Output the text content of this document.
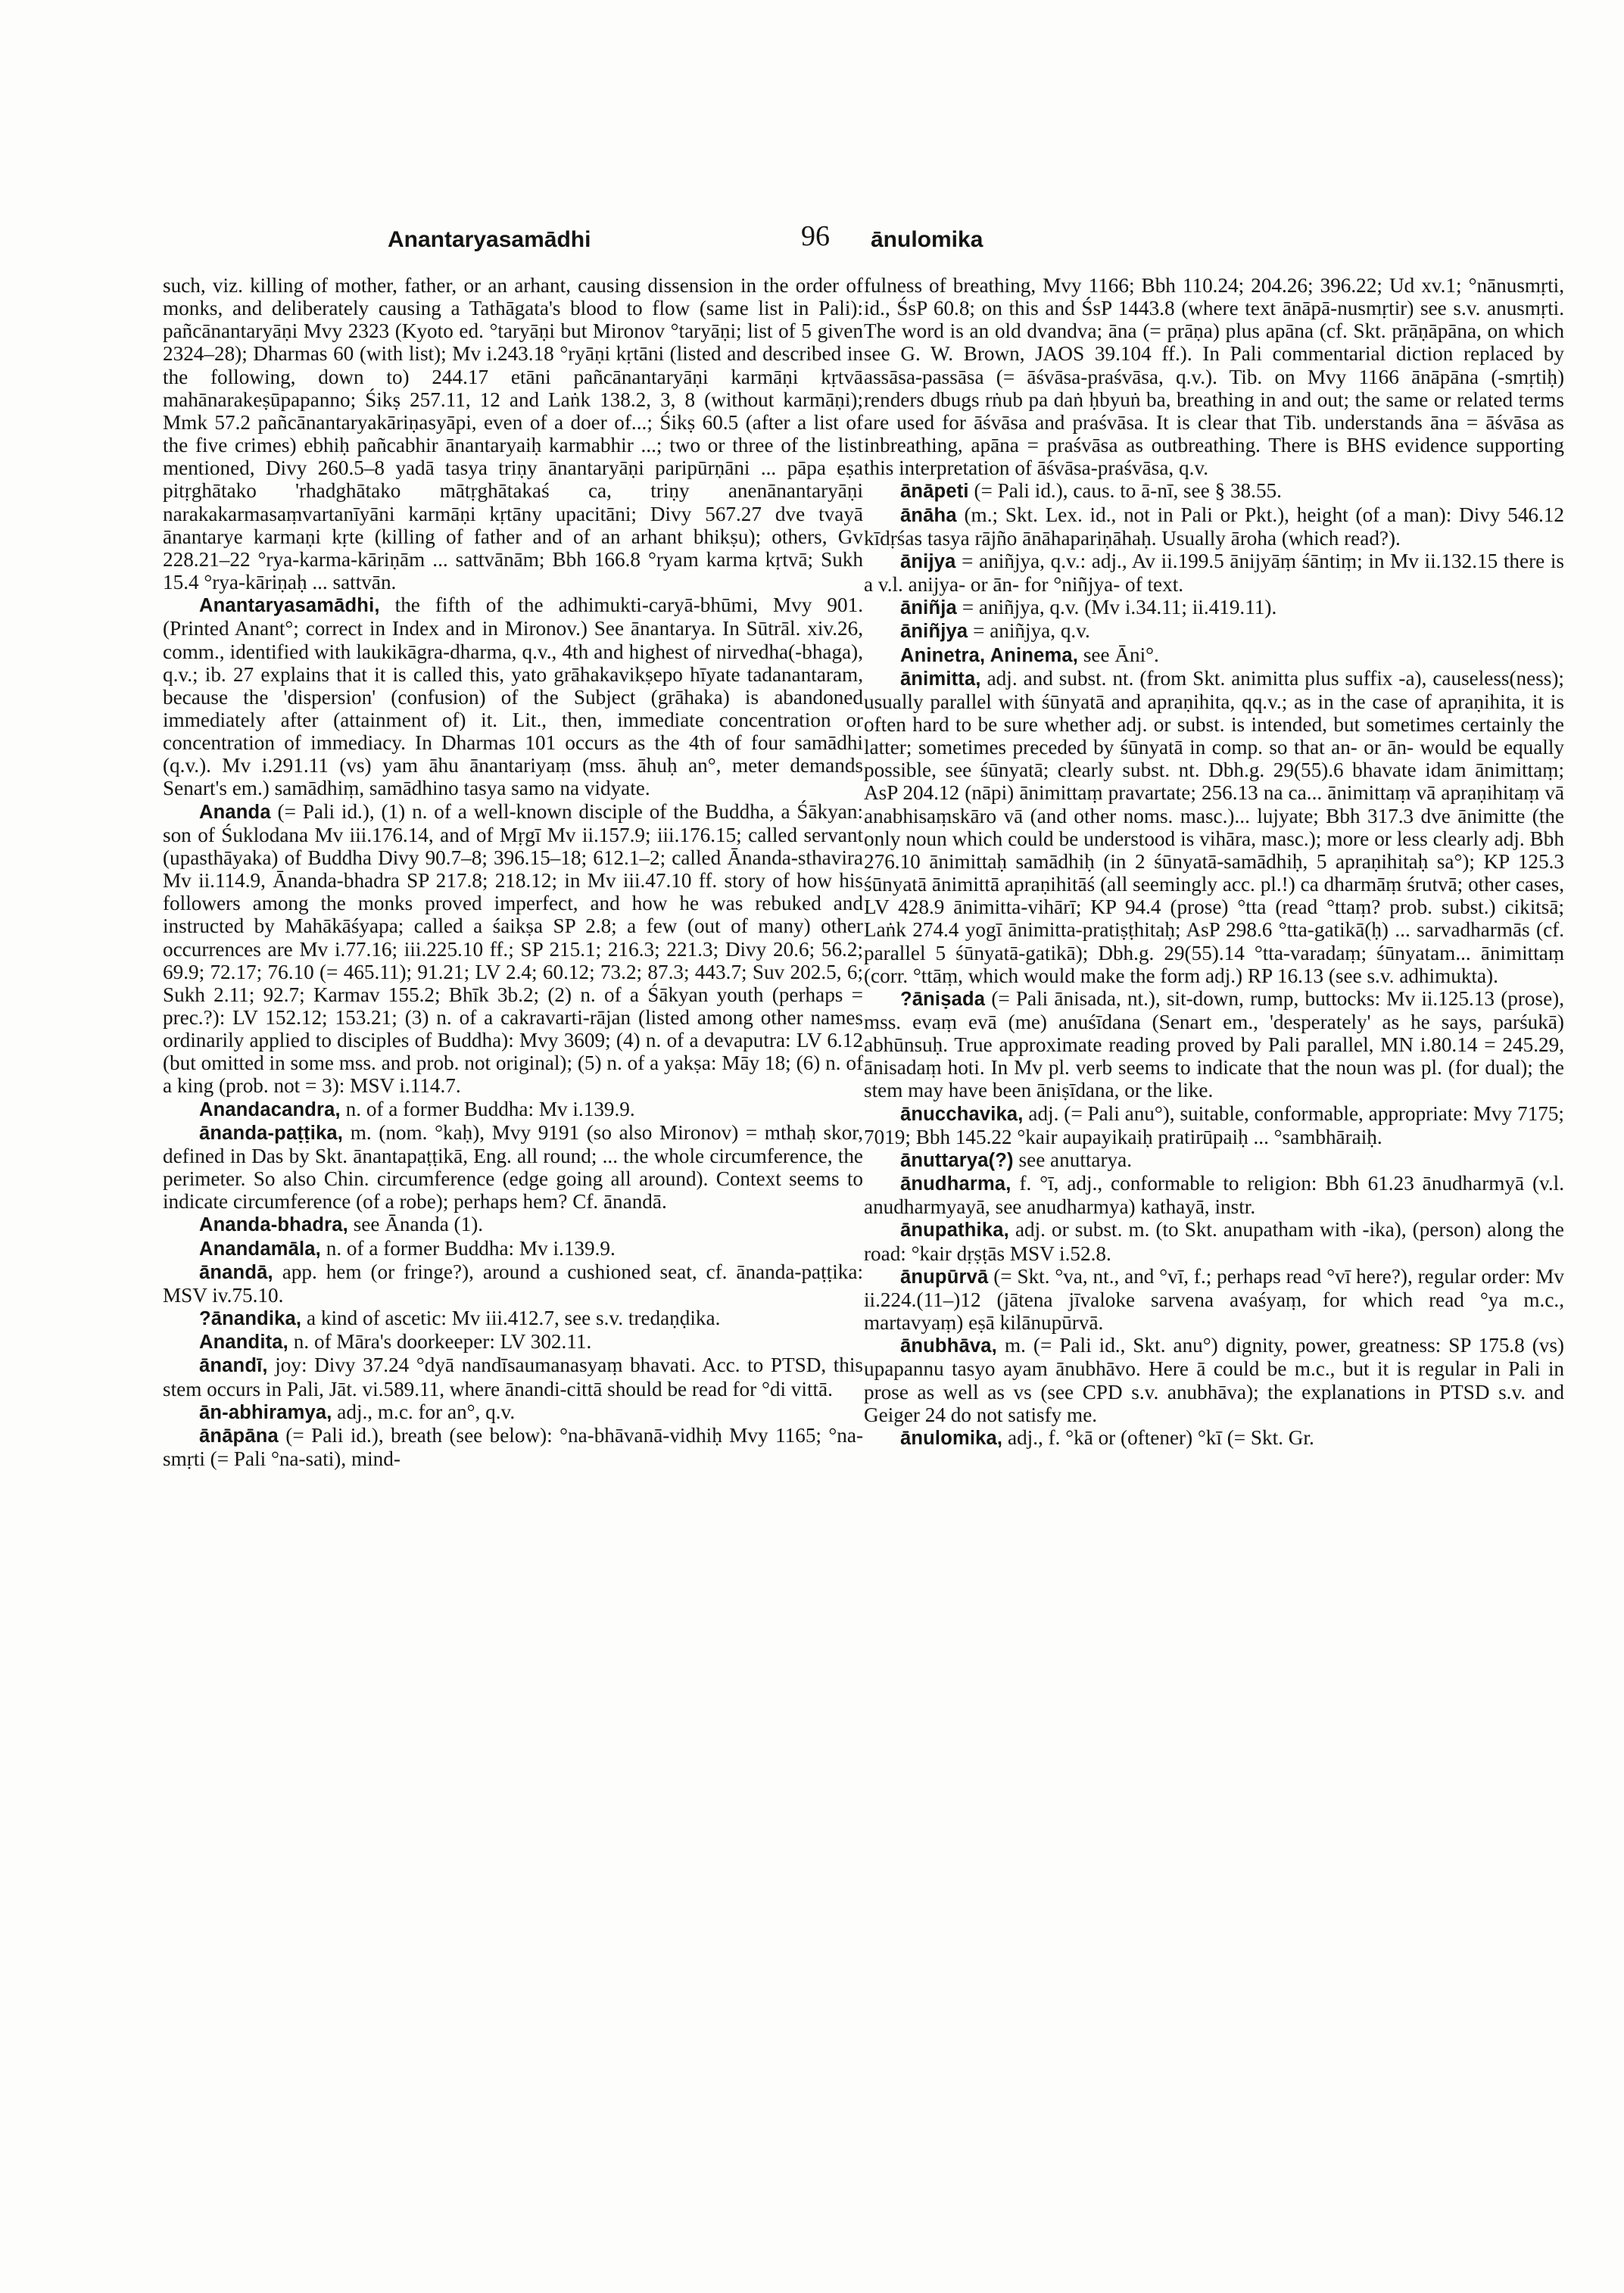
Anantaryasamādhi	96 ānulomika

such, viz. killing of mother, father, or an arhant, causing dissension in the order of monks, and deliberately causing a Tathāgata's blood to flow (same list in Pali): pañcānantaryāṇi Mvy 2323 (Kyoto ed. °taryāṇi but Mironov °taryāṇi; list of 5 given 2324–28); Dharmas 60 (with list); Mv i.243.18 °ryāṇi kṛtāni (listed and described in the following, down to) 244.17 etāni pañcānantaryāṇi karmāṇi kṛtvā mahānarakeṣūpapanno; Śikṣ 257.11, 12 and Laṅk 138.2, 3, 8 (without karmāṇi); Mmk 57.2 pañcānantaryakāriṇasyāpi, even of a doer of...; Śikṣ 60.5 (after a list of the five crimes) ebhiḥ pañcabhir ānantaryaiḥ karmabhir ...; two or three of the list mentioned, Divy 260.5–8 yadā tasya triṇy ānantaryāṇi paripūrṇāni ... pāpa eṣa pitṛghātako 'rhadghātako mātṛghātakaś ca, triṇy anenānantaryāṇi narakakarmasaṃvartanīyāni karmāṇi kṛtāny upacitāni; Divy 567.27 dve tvayā ānantarye karmaṇi kṛte (killing of father and of an arhant bhikṣu); others, Gv 228.21–22 °rya-karma-kāriṇām ... sattvānām; Bbh 166.8 °ryam karma kṛtvā; Sukh 15.4 °rya-kāriṇaḥ ... sattvān.

Anantaryasamādhi, the fifth of the adhimukti-caryā-bhūmi, Mvy 901. (Printed Anant°; correct in Index and in Mironov.) See ānantarya. In Sūtrāl. xiv.26, comm., identified with laukikāgra-dharma, q.v., 4th and highest of nirvedha(-bhaga), q.v.; ib. 27 explains that it is called this, yato grāhakavikṣepo hīyate tadanantaram, because the 'dispersion' (confusion) of the Subject (grāhaka) is abandoned immediately after (attainment of) it. Lit., then, immediate concentration or concentration of immediacy. In Dharmas 101 occurs as the 4th of four samādhi (q.v.). Mv i.291.11 (vs) yam āhu ānantariyaṃ (mss. āhuḥ an°, meter demands Senart's em.) samādhiṃ, samādhino tasya samo na vidyate.

Ananda (= Pali id.), (1) n. of a well-known disciple of the Buddha, a Śākyan: son of Śuklodana Mv iii.176.14, and of Mṛgī Mv ii.157.9; iii.176.15; called servant (upasthāyaka) of Buddha Divy 90.7–8; 396.15–18; 612.1–2; called Ānanda-sthavira Mv ii.114.9, Ānanda-bhadra SP 217.8; 218.12; in Mv iii.47.10 ff. story of how his followers among the monks proved imperfect, and how he was rebuked and instructed by Mahākāśyapa; called a śaikṣa SP 2.8; a few (out of many) other occurrences are Mv i.77.16; iii.225.10 ff.; SP 215.1; 216.3; 221.3; Divy 20.6; 56.2; 69.9; 72.17; 76.10 (= 465.11); 91.21; LV 2.4; 60.12; 73.2; 87.3; 443.7; Suv 202.5, 6; Sukh 2.11; 92.7; Karmav 155.2; Bhīk 3b.2; (2) n. of a Śākyan youth (perhaps = prec.?): LV 152.12; 153.21; (3) n. of a cakravarti-rājan (listed among other names ordinarily applied to disciples of Buddha): Mvy 3609; (4) n. of a devaputra: LV 6.12 (but omitted in some mss. and prob. not original); (5) n. of a yakṣa: Māy 18; (6) n. of a king (prob. not = 3): MSV i.114.7.

Anandacandra, n. of a former Buddha: Mv i.139.9.

ānanda-paṭṭika, m. (nom. °kaḥ), Mvy 9191 (so also Mironov) = mthaḥ skor, defined in Das by Skt. ānantapaṭṭikā, Eng. all round; ... the whole circumference, the perimeter. So also Chin. circumference (edge going all around). Context seems to indicate circumference (of a robe); perhaps hem? Cf. ānandā.

Ananda-bhadra, see Ānanda (1).

Anandamāla, n. of a former Buddha: Mv i.139.9.

ānandā, app. hem (or fringe?), around a cushioned seat, cf. ānanda-paṭṭika: MSV iv.75.10.

?ānandika, a kind of ascetic: Mv iii.412.7, see s.v. tredaṇḍika.

Anandita, n. of Māra's doorkeeper: LV 302.11.

ānandī, joy: Divy 37.24 °dyā nandīsaumanasyaṃ bhavati. Acc. to PTSD, this stem occurs in Pali, Jāt. vi.589.11, where ānandi-cittā should be read for °di vittā.

ān-abhiramya, adj., m.c. for an°, q.v.

ānāpāna (= Pali id.), breath (see below): °na-bhāvanā-vidhiḥ Mvy 1165; °na-smṛti (= Pali °na-sati), mind-

fulness of breathing, Mvy 1166; Bbh 110.24; 204.26; 396.22; Ud xv.1; °nānusmṛti, id., ŚsP 60.8; on this and ŚsP 1443.8 (where text ānāpā-nusmṛtir) see s.v. anusmṛti. The word is an old dvandva; āna (= prāṇa) plus apāna (cf. Skt. prāṇāpāna, on which see G. W. Brown, JAOS 39.104 ff.). In Pali commentarial diction replaced by assāsa-passāsa (= āśvāsa-praśvāsa, q.v.). Tib. on Mvy 1166 ānāpāna (-smṛtiḥ) renders dbugs rṅub pa daṅ ḥbyuṅ ba, breathing in and out; the same or related terms are used for āśvāsa and praśvāsa. It is clear that Tib. understands āna = āśvāsa as inbreathing, apāna = praśvāsa as outbreathing. There is BHS evidence supporting this interpretation of āśvāsa-praśvāsa, q.v.

ānāpeti (= Pali id.), caus. to ā-nī, see § 38.55.

ānāha (m.; Skt. Lex. id., not in Pali or Pkt.), height (of a man): Divy 546.12 kīdṛśas tasya rājño ānāhapariṇāhaḥ. Usually āroha (which read?).

ānijya = aniñjya, q.v.: adj., Av ii.199.5 ānijyāṃ śāntiṃ; in Mv ii.132.15 there is a v.l. anijya- or ān- for °niñjya- of text.

āniñja = aniñjya, q.v. (Mv i.34.11; ii.419.11).

āniñjya = aniñjya, q.v.

Aninetra, Aninema, see Āni°.

ānimitta, adj. and subst. nt. (from Skt. animitta plus suffix -a), causeless(ness); usually parallel with śūnyatā and apraṇihita, qq.v.; as in the case of apraṇihita, it is often hard to be sure whether adj. or subst. is intended, but sometimes certainly the latter; sometimes preceded by śūnyatā in comp. so that an- or ān- would be equally possible, see śūnyatā; clearly subst. nt. Dbh.g. 29(55).6 bhavate idam ānimittaṃ; AsP 204.12 (nāpi) ānimittaṃ pravartate; 256.13 na ca... ānimittaṃ vā apraṇihitaṃ vā anabhisaṃskāro vā (and other noms. masc.)... lujyate; Bbh 317.3 dve ānimitte (the only noun which could be understood is vihāra, masc.); more or less clearly adj. Bbh 276.10 ānimittaḥ samādhiḥ (in 2 śūnyatā-samādhiḥ, 5 apraṇihitaḥ sa°); KP 125.3 śūnyatā ānimittā apraṇihitāś (all seemingly acc. pl.!) ca dharmāṃ śrutvā; other cases, LV 428.9 ānimitta-vihārī; KP 94.4 (prose) °tta (read °ttaṃ? prob. subst.) cikitsā; Laṅk 274.4 yogī ānimitta-pratiṣṭhitaḥ; AsP 298.6 °tta-gatikā(ḥ) ... sarvadharmās (cf. parallel 5 śūnyatā-gatikā); Dbh.g. 29(55).14 °tta-varadaṃ; śūnyatam... ānimittaṃ (corr. °ttāṃ, which would make the form adj.) RP 16.13 (see s.v. adhimukta).

?āniṣada (= Pali ānisada, nt.), sit-down, rump, buttocks: Mv ii.125.13 (prose), mss. evaṃ evā (me) anuśīdana (Senart em., 'desperately' as he says, parśukā) abhūnsuḥ. True approximate reading proved by Pali parallel, MN i.80.14 = 245.29, ānisadaṃ hoti. In Mv pl. verb seems to indicate that the noun was pl. (for dual); the stem may have been āniṣīdana, or the like.

ānucchavika, adj. (= Pali anu°), suitable, conformable, appropriate: Mvy 7175; 7019; Bbh 145.22 °kair aupayikaiḥ pratirūpaiḥ ... °sambhāraiḥ.

ānuttarya(?) see anuttarya.

ānudharma, f. °ī, adj., conformable to religion: Bbh 61.23 ānudharmyā (v.l. anudharmyayā, see anudharmya) kathayā, instr.

ānupathika, adj. or subst. m. (to Skt. anupatham with -ika), (person) along the road: °kair dṛṣṭās MSV i.52.8.

ānupūrvā (= Skt. °va, nt., and °vī, f.; perhaps read °vī here?), regular order: Mv ii.224.(11–)12 (jātena jīvaloke sarvena avaśyaṃ, for which read °ya m.c., martavyaṃ) eṣā kilānupūrvā.

ānubhāva, m. (= Pali id., Skt. anu°) dignity, power, greatness: SP 175.8 (vs) upapannu tasyo ayam ānubhāvo. Here ā could be m.c., but it is regular in Pali in prose as well as vs (see CPD s.v. anubhāva); the explanations in PTSD s.v. and Geiger 24 do not satisfy me.

ānulomika, adj., f. °kā or (oftener) °kī (= Skt. Gr.
